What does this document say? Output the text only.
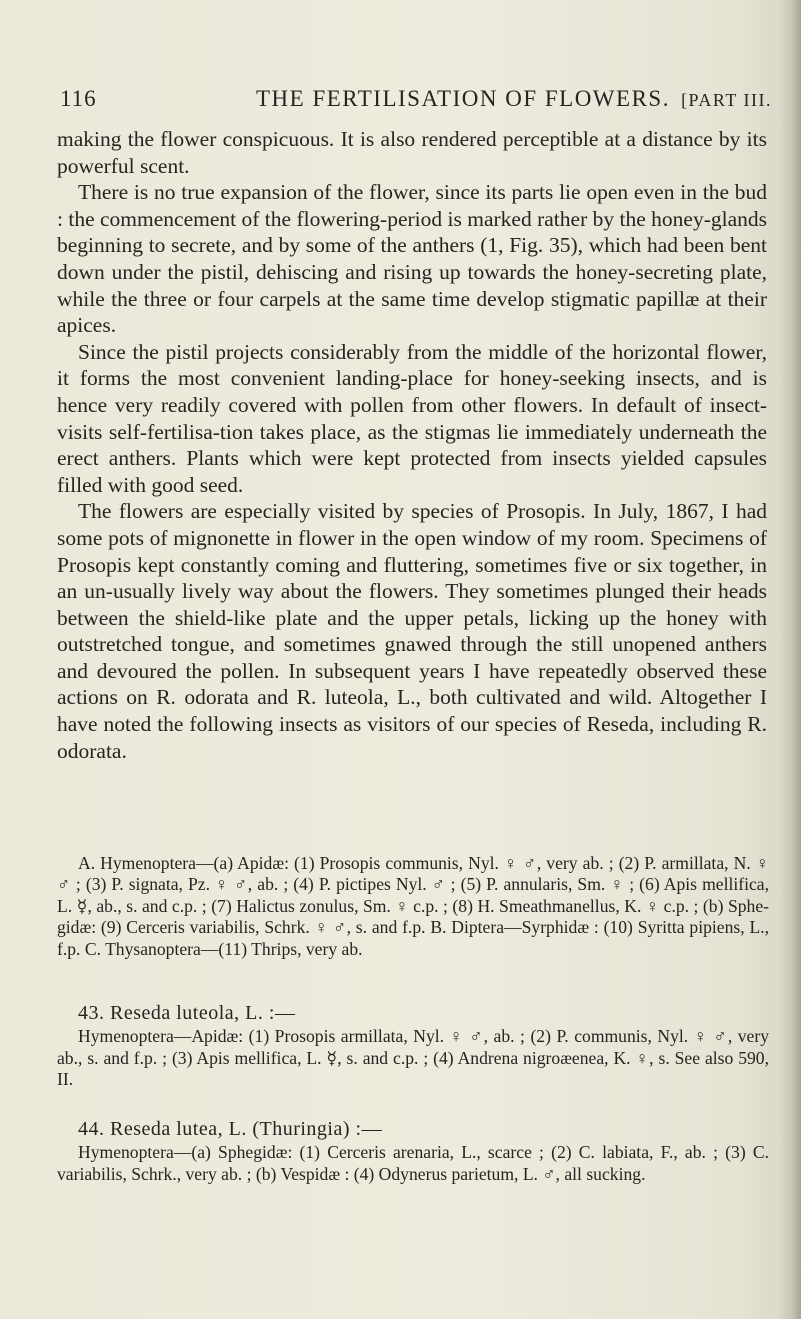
116	THE FERTILISATION OF FLOWERS. [PART III.

making the flower conspicuous. It is also rendered perceptible at a distance by its powerful scent.

There is no true expansion of the flower, since its parts lie open even in the bud : the commencement of the flowering-period is marked rather by the honey-glands beginning to secrete, and by some of the anthers (1, Fig. 35), which had been bent down under the pistil, dehiscing and rising up towards the honey-secreting plate, while the three or four carpels at the same time develop stigmatic papillæ at their apices.

Since the pistil projects considerably from the middle of the horizontal flower, it forms the most convenient landing-place for honey-seeking insects, and is hence very readily covered with pollen from other flowers. In default of insect-visits self-fertilisa-tion takes place, as the stigmas lie immediately underneath the erect anthers. Plants which were kept protected from insects yielded capsules filled with good seed.

The flowers are especially visited by species of Prosopis. In July, 1867, I had some pots of mignonette in flower in the open window of my room. Specimens of Prosopis kept constantly coming and fluttering, sometimes five or six together, in an un-usually lively way about the flowers. They sometimes plunged their heads between the shield-like plate and the upper petals, licking up the honey with outstretched tongue, and sometimes gnawed through the still unopened anthers and devoured the pollen. In subsequent years I have repeatedly observed these actions on R. odorata and R. luteola, L., both cultivated and wild. Altogether I have noted the following insects as visitors of our species of Reseda, including R. odorata.

A. Hymenoptera—(a) Apidæ: (1) Prosopis communis, Nyl. ♀ ♂, very ab. ; (2) P. armillata, N. ♀ ♂ ; (3) P. signata, Pz. ♀ ♂, ab. ; (4) P. pictipes Nyl. ♂ ; (5) P. annularis, Sm. ♀ ; (6) Apis mellifica, L. ☿, ab., s. and c.p. ; (7) Halictus zonulus, Sm. ♀ c.p. ; (8) H. Smeathmanellus, K. ♀ c.p. ; (b) Sphe-gidæ: (9) Cerceris variabilis, Schrk. ♀ ♂, s. and f.p. B. Diptera—Syrphidæ : (10) Syritta pipiens, L., f.p. C. Thysanoptera—(11) Thrips, very ab.

43. Reseda luteola, L. :—

Hymenoptera—Apidæ: (1) Prosopis armillata, Nyl. ♀ ♂, ab. ; (2) P. communis, Nyl. ♀ ♂, very ab., s. and f.p. ; (3) Apis mellifica, L. ☿, s. and c.p. ; (4) Andrena nigroæenea, K. ♀, s. See also 590, II.

44. Reseda lutea, L. (Thuringia) :—

Hymenoptera—(a) Sphegidæ: (1) Cerceris arenaria, L., scarce ; (2) C. labiata, F., ab. ; (3) C. variabilis, Schrk., very ab. ; (b) Vespidæ : (4) Odynerus parietum, L. ♂, all sucking.
